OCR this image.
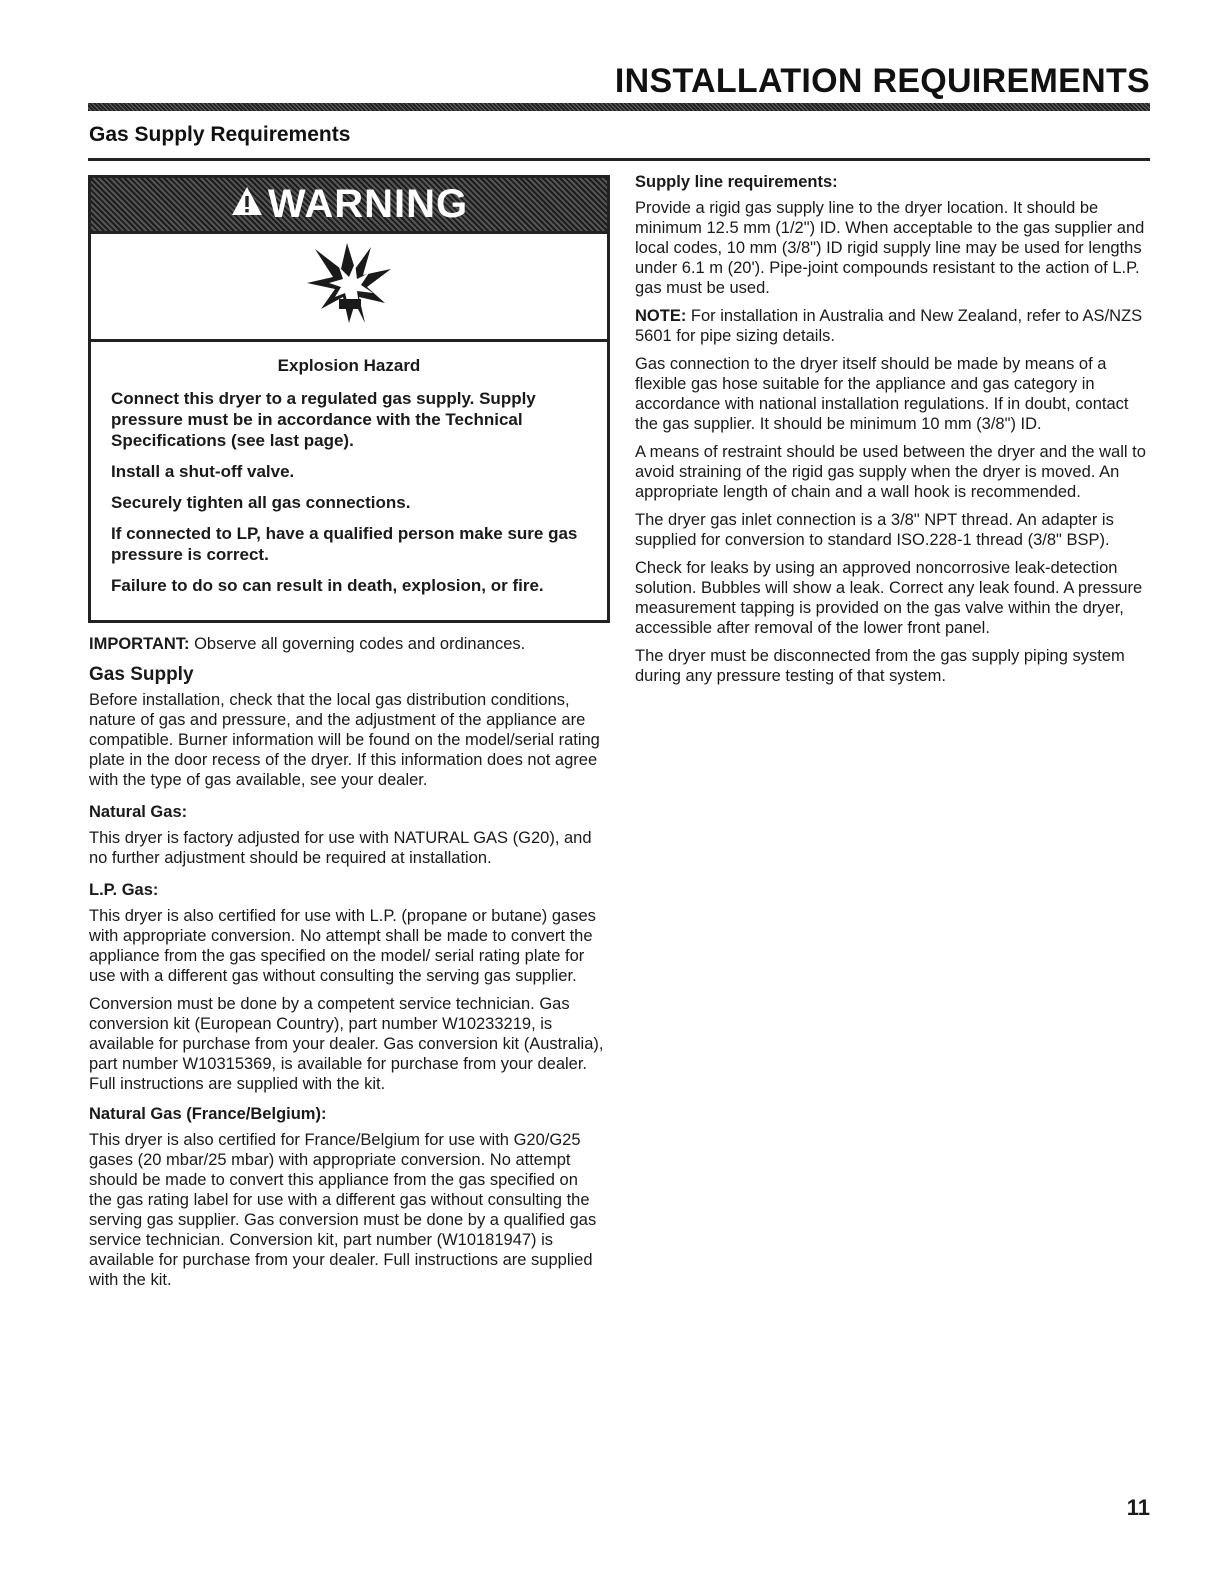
INSTALLATION REQUIREMENTS
Gas Supply Requirements
WARNING
Explosion Hazard

Connect this dryer to a regulated gas supply. Supply pressure must be in accordance with the Technical Specifications (see last page).

Install a shut-off valve.

Securely tighten all gas connections.

If connected to LP, have a qualified person make sure gas pressure is correct.

Failure to do so can result in death, explosion, or fire.

IMPORTANT: Observe all governing codes and ordinances.

Gas Supply

Before installation, check that the local gas distribution conditions, nature of gas and pressure, and the adjustment of the appliance are compatible. Burner information will be found on the model/serial rating plate in the door recess of the dryer. If this information does not agree with the type of gas available, see your dealer.

Natural Gas:

This dryer is factory adjusted for use with NATURAL GAS (G20), and no further adjustment should be required at installation.

L.P. Gas:

This dryer is also certified for use with L.P. (propane or butane) gases with appropriate conversion. No attempt shall be made to convert the appliance from the gas specified on the model/ serial rating plate for use with a different gas without consulting the serving gas supplier.

Conversion must be done by a competent service technician. Gas conversion kit (European Country), part number W10233219, is available for purchase from your dealer. Gas conversion kit (Australia), part number W10315369, is available for purchase from your dealer. Full instructions are supplied with the kit.

Natural Gas (France/Belgium):

This dryer is also certified for France/Belgium for use with G20/G25 gases (20 mbar/25 mbar) with appropriate conversion. No attempt should be made to convert this appliance from the gas specified on the gas rating label for use with a different gas without consulting the serving gas supplier. Gas conversion must be done by a qualified gas service technician. Conversion kit, part number (W10181947) is available for purchase from your dealer. Full instructions are supplied with the kit.

Supply line requirements:

Provide a rigid gas supply line to the dryer location. It should be minimum 12.5 mm (1/2") ID. When acceptable to the gas supplier and local codes, 10 mm (3/8") ID rigid supply line may be used for lengths under 6.1 m (20'). Pipe-joint compounds resistant to the action of L.P. gas must be used.

NOTE: For installation in Australia and New Zealand, refer to AS/NZS 5601 for pipe sizing details.

Gas connection to the dryer itself should be made by means of a flexible gas hose suitable for the appliance and gas category in accordance with national installation regulations. If in doubt, contact the gas supplier. It should be minimum 10 mm (3/8") ID.

A means of restraint should be used between the dryer and the wall to avoid straining of the rigid gas supply when the dryer is moved. An appropriate length of chain and a wall hook is recommended.

The dryer gas inlet connection is a 3/8" NPT thread. An adapter is supplied for conversion to standard ISO.228-1 thread (3/8" BSP).

Check for leaks by using an approved noncorrosive leak-detection solution. Bubbles will show a leak. Correct any leak found. A pressure measurement tapping is provided on the gas valve within the dryer, accessible after removal of the lower front panel.

The dryer must be disconnected from the gas supply piping system during any pressure testing of that system.

11
